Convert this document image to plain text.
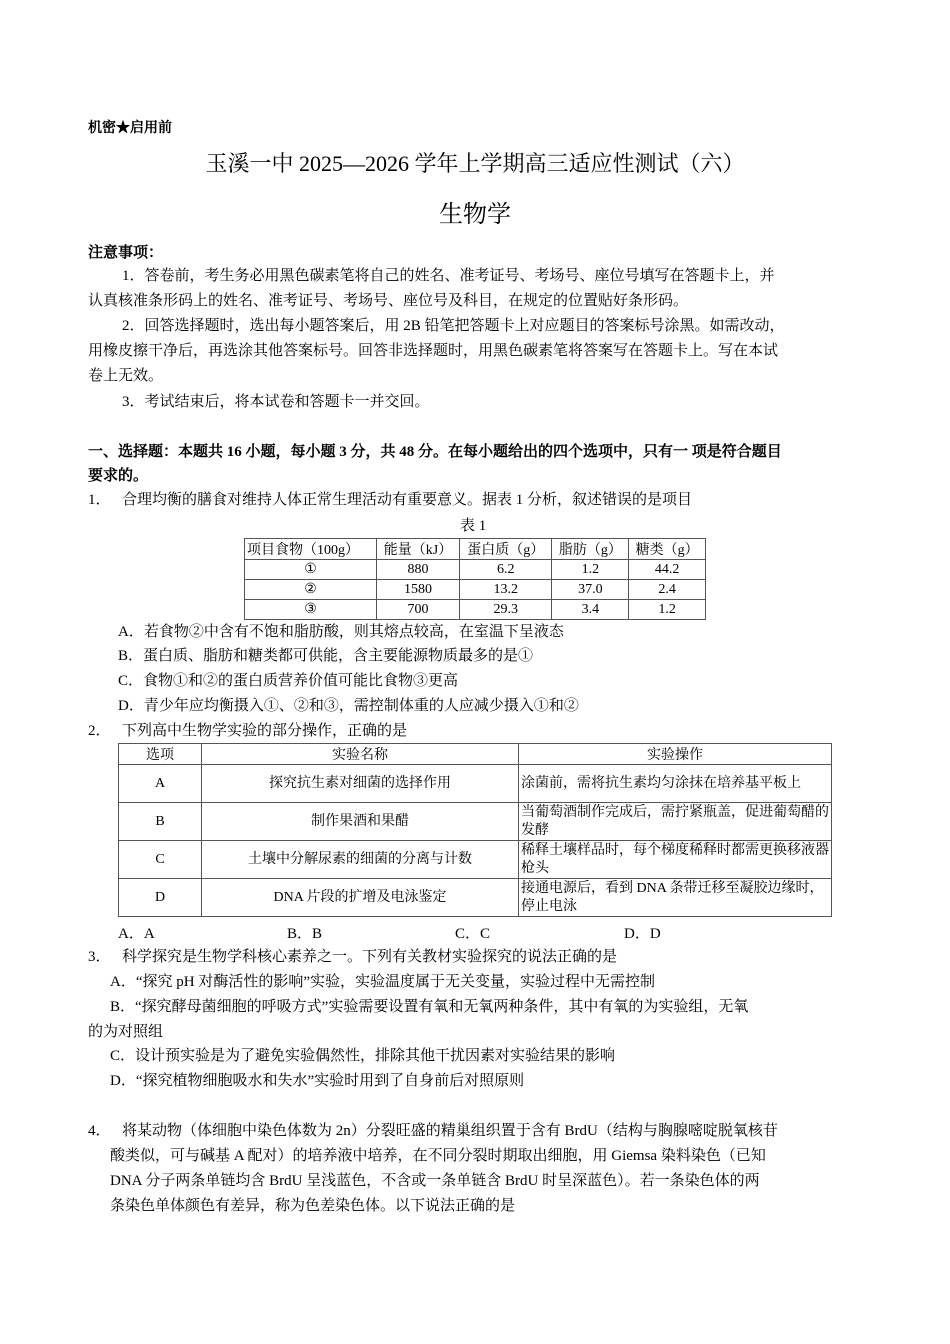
机密★启用前
玉溪一中 2025—2026 学年上学期高三适应性测试（六）
生物学
注意事项：
1．答卷前，考生务必用黑色碳素笔将自己的姓名、准考证号、考场号、座位号填写在答题卡上，并
认真核准条形码上的姓名、准考证号、考场号、座位号及科目，在规定的位置贴好条形码。
2．回答选择题时，选出每小题答案后，用 2B 铅笔把答题卡上对应题目的答案标号涂黑。如需改动，
用橡皮擦干净后，再选涂其他答案标号。回答非选择题时，用黑色碳素笔将答案写在答题卡上。写在本试
卷上无效。
3．考试结束后，将本试卷和答题卡一并交回。
一、选择题：本题共 16 小题，每小题 3 分，共 48 分。在每小题给出的四个选项中，只有一 项是符合题目
要求的。
1． 合理均衡的膳食对维持人体正常生理活动有重要意义。据表 1 分析，叙述错误的是项目
表 1
项目食物（100g）	能量（kJ）	蛋白质（g）	脂肪（g）	糖类（g）
①	880	6.2	1.2	44.2
②	1580	13.2	37.0	2.4
③	700	29.3	3.4	1.2
A．若食物②中含有不饱和脂肪酸，则其熔点较高，在室温下呈液态
B．蛋白质、脂肪和糖类都可供能，含主要能源物质最多的是①
C．食物①和②的蛋白质营养价值可能比食物③更高
D．青少年应均衡摄入①、②和③，需控制体重的人应减少摄入①和②
2． 下列高中生物学实验的部分操作，正确的是
选项	实验名称	实验操作
A	探究抗生素对细菌的选择作用	涂菌前，需将抗生素均匀涂抹在培养基平板上
B	制作果酒和果醋	当葡萄酒制作完成后，需拧紧瓶盖，促进葡萄醋的发酵
C	土壤中分解尿素的细菌的分离与计数	稀释土壤样品时，每个梯度稀释时都需更换移液器枪头
D	DNA 片段的扩增及电泳鉴定	接通电源后，看到 DNA 条带迁移至凝胶边缘时，停止电泳
A．A	B．B	C．C	D．D
3． 科学探究是生物学科核心素养之一。下列有关教材实验探究的说法正确的是
A．“探究 pH 对酶活性的影响”实验，实验温度属于无关变量，实验过程中无需控制
B．“探究酵母菌细胞的呼吸方式”实验需要设置有氧和无氧两种条件，其中有氧的为实验组，无氧
的为对照组
C．设计预实验是为了避免实验偶然性，排除其他干扰因素对实验结果的影响
D．“探究植物细胞吸水和失水”实验时用到了自身前后对照原则
4． 将某动物（体细胞中染色体数为 2n）分裂旺盛的精巢组织置于含有 BrdU（结构与胸腺嘧啶脱氧核苷
酸类似，可与碱基 A 配对）的培养液中培养，在不同分裂时期取出细胞，用 Giemsa 染料染色（已知
DNA 分子两条单链均含 BrdU 呈浅蓝色，不含或一条单链含 BrdU 时呈深蓝色）。若一条染色体的两
条染色单体颜色有差异，称为色差染色体。以下说法正确的是
